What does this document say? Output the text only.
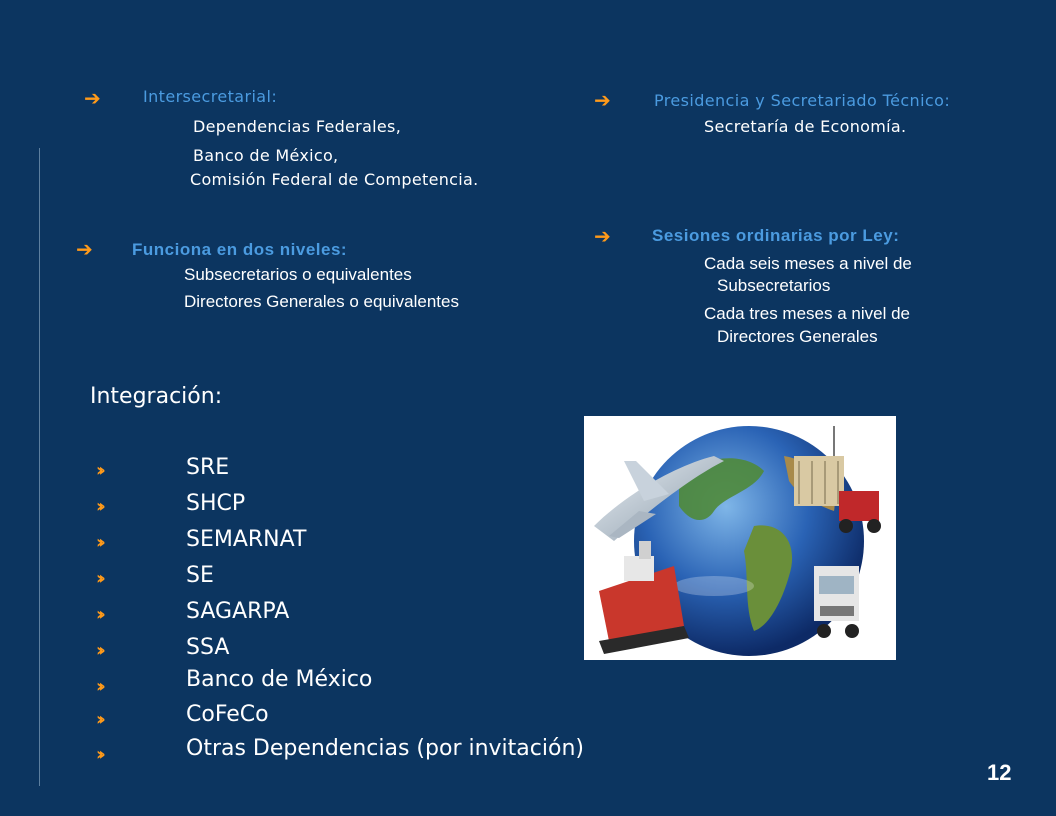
➔	Intersecretarial:
Dependencias Federales,
Banco de México,
Comisión Federal de Competencia.
➔	Presidencia y Secretariado Técnico:
Secretaría de Economía.
➔ Funciona en dos niveles:
Subsecretarios o equivalentes
Directores Generales o equivalentes
➔ Sesiones ordinarias por Ley:
Cada seis meses a nivel de
Subsecretarios
Cada tres meses a nivel de
Directores Generales
Integración:
››	SRE
››	SHCP
››	SEMARNAT
››	SE
››	SAGARPA
››	SSA
››	Banco de México
››	CoFeCo
››	Otras Dependencias (por invitación)
12
